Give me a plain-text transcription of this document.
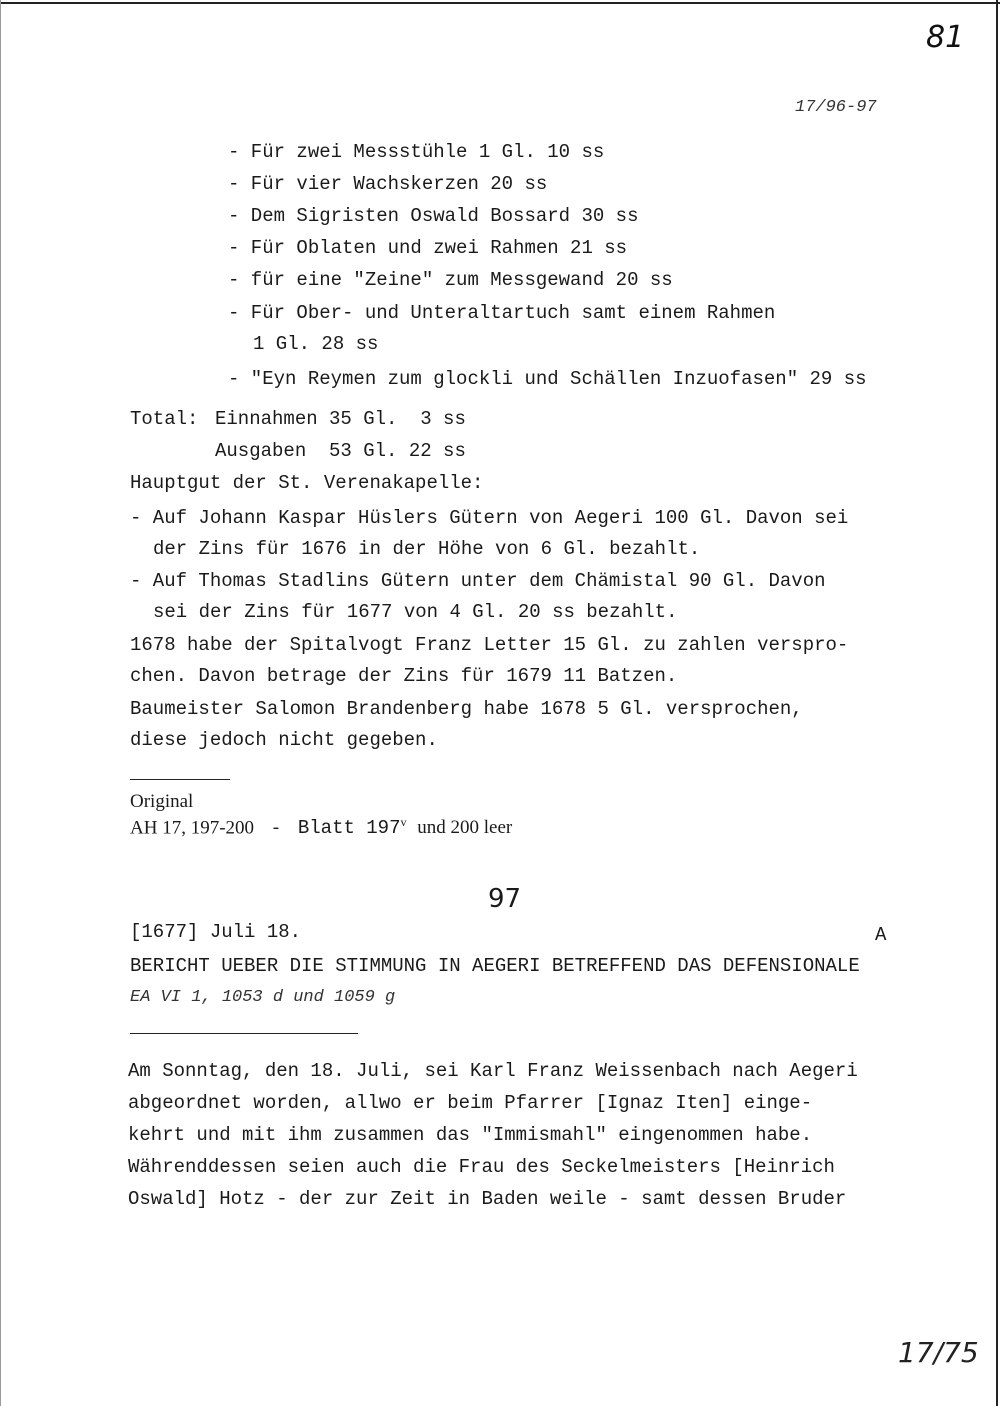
81
17/96-97
- Für zwei Messstühle 1 Gl. 10 ss
- Für vier Wachskerzen 20 ss
- Dem Sigristen Oswald Bossard 30 ss
- Für Oblaten und zwei Rahmen 21 ss
- für eine "Zeine" zum Messgewand 20 ss
- Für Ober- und Unteraltartuch samt einem Rahmen
1 Gl. 28 ss
- "Eyn Reymen zum glockli und Schällen Inzuofasen" 29 ss
Total: Einnahmen 35 Gl.  3 ss
Ausgaben  53 Gl. 22 ss
Hauptgut der St. Verenakapelle:
- Auf Johann Kaspar Hüslers Gütern von Aegeri 100 Gl. Davon sei
der Zins für 1676 in der Höhe von 6 Gl. bezahlt.
- Auf Thomas Stadlins Gütern unter dem Chämistal 90 Gl. Davon
sei der Zins für 1677 von 4 Gl. 20 ss bezahlt.
1678 habe der Spitalvogt Franz Letter 15 Gl. zu zahlen verspro-
chen. Davon betrage der Zins für 1679 11 Batzen.
Baumeister Salomon Brandenberg habe 1678 5 Gl. versprochen,
diese jedoch nicht gegeben.
Original
AH 17, 197-200 - Blatt 197$^v$ und 200 leer
97
[1677] Juli 18.	A
BERICHT UEBER DIE STIMMUNG IN AEGERI BETREFFEND DAS DEFENSIONALE
EA VI 1, 1053 d und 1059 g
Am Sonntag, den 18. Juli, sei Karl Franz Weissenbach nach Aegeri
abgeordnet worden, allwo er beim Pfarrer [Ignaz Iten] einge-
kehrt und mit ihm zusammen das "Immismahl" eingenommen habe.
Währenddessen seien auch die Frau des Seckelmeisters [Heinrich
Oswald] Hotz - der zur Zeit in Baden weile - samt dessen Bruder
17/75
